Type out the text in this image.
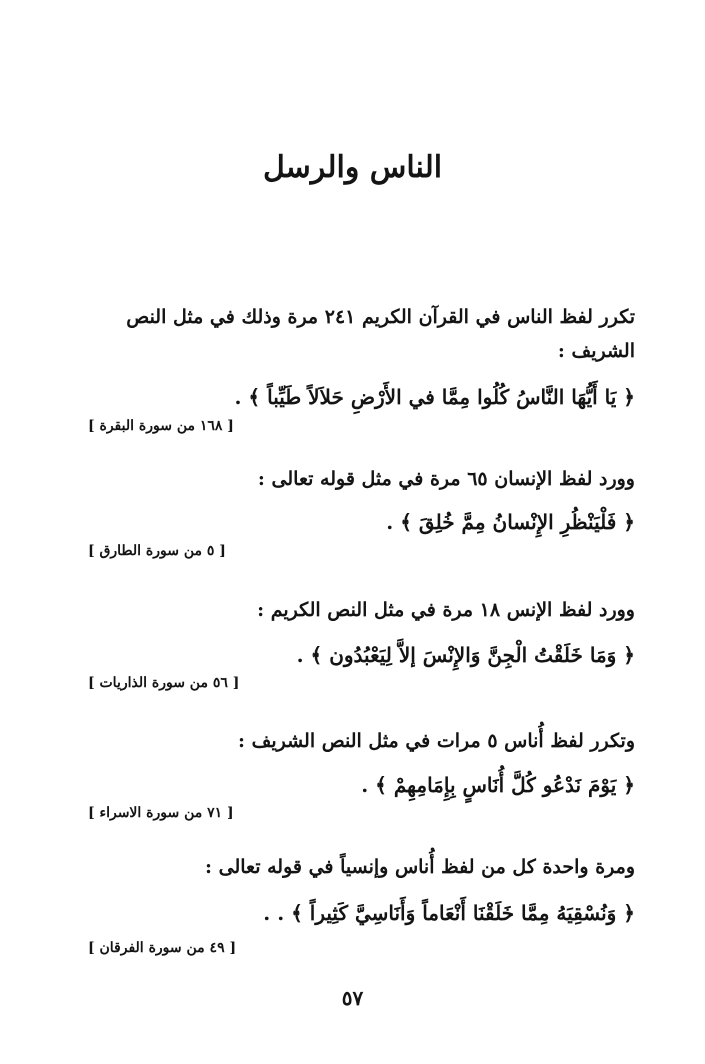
الناس والرسل
تكرر لفظ الناس في القرآن الكريم ٢٤١ مرة وذلك في مثل النص الشريف :
﴿ يَا أَيُّهَا النَّاسُ كُلُوا مِمَّا في الأَرْضِ حَلاَلاً طَيِّباً ﴾ .
[ ١٦٨ من سورة البقرة ]
وورد لفظ الإنسان ٦٥ مرة في مثل قوله تعالى :
﴿ فَلْيَنْظُرِ الإِنْسانُ مِمَّ خُلِقَ ﴾ .
[ ٥ من سورة الطارق ]
وورد لفظ الإنس ١٨ مرة في مثل النص الكريم :
﴿ وَمَا خَلَقْتُ الْجِنَّ وَالإِنْسَ إلاَّ لِيَعْبُدُون ﴾ .
[ ٥٦ من سورة الذاريات ]
وتكرر لفظ أُناس ٥ مرات في مثل النص الشريف :
﴿ يَوْمَ نَدْعُو كُلَّ أُنَاسٍ بِإِمَامِهِمْ ﴾ .
[ ٧١ من سورة الاسراء ]
ومرة واحدة كل من لفظ أُناس وإنسياً في قوله تعالى :
﴿ وَنُسْقِيَهُ مِمَّا خَلَقْنَا أَنْعَاماً وَأَنَاسِيَّ كَثِيراً ﴾ . .
[ ٤٩ من سورة الفرقان ]
٥٧
